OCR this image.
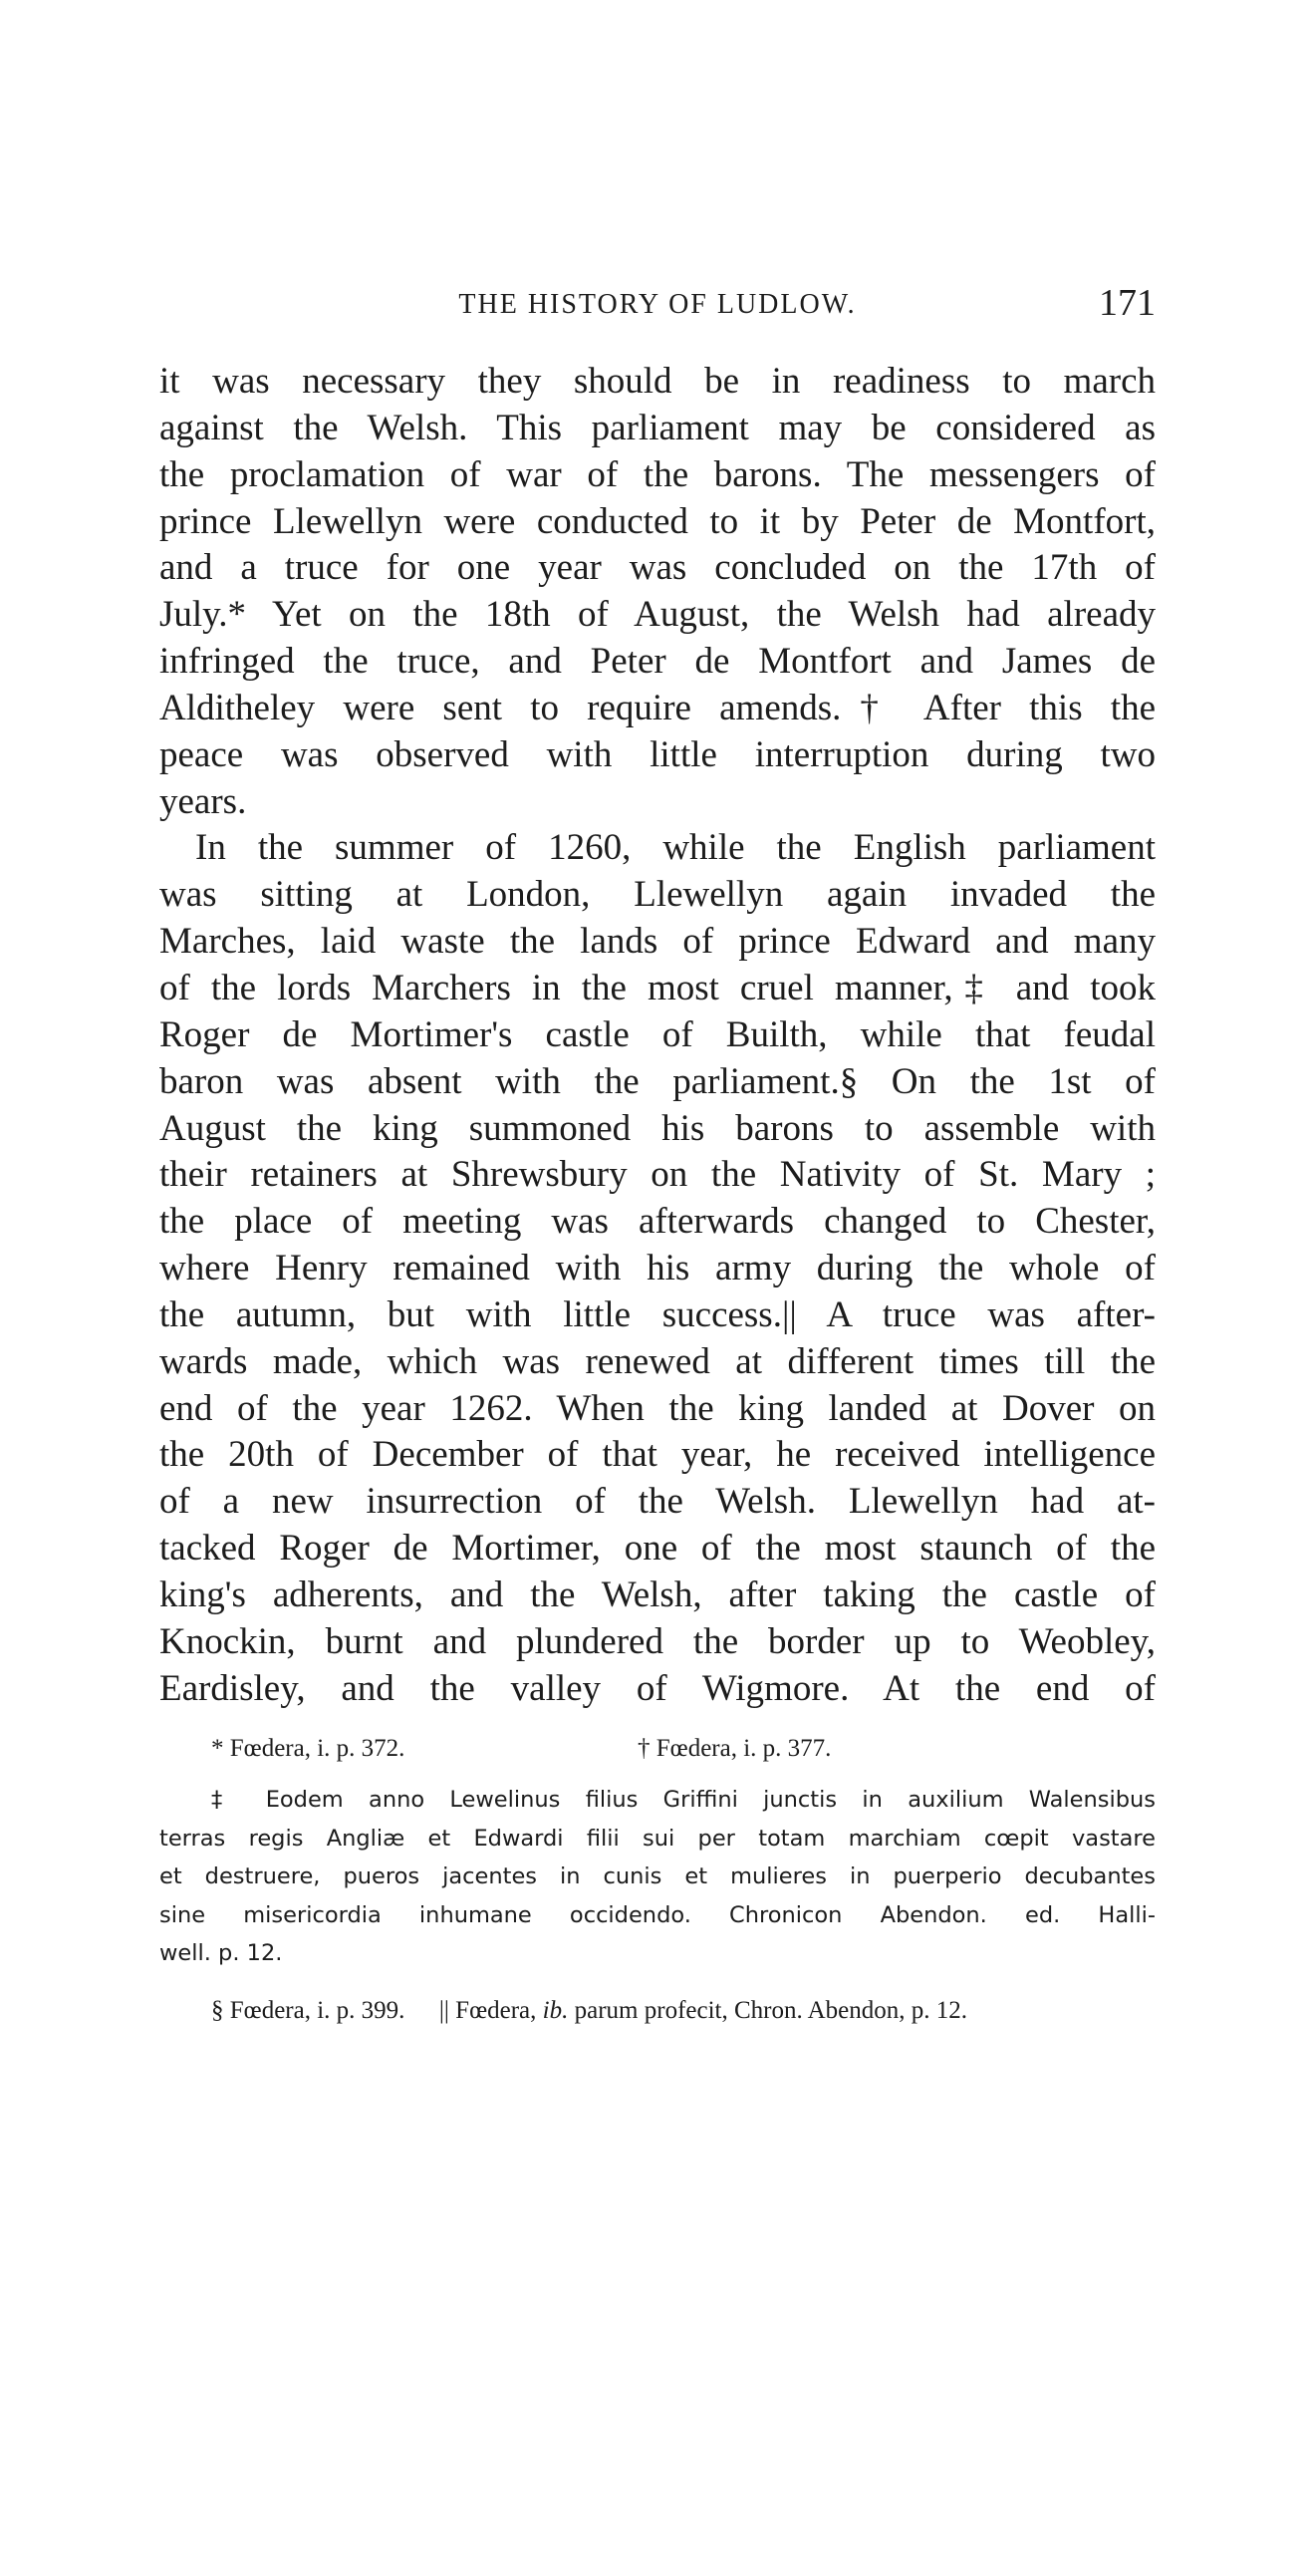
THE HISTORY OF LUDLOW.	171
it was necessary they should be in readiness to march
against the Welsh. This parliament may be considered as
the proclamation of war of the barons. The messengers of
prince Llewellyn were conducted to it by Peter de Montfort,
and a truce for one year was concluded on the 17th of
July.* Yet on the 18th of August, the Welsh had already
infringed the truce, and Peter de Montfort and James de
Alditheley were sent to require amends.† After this the
peace was observed with little interruption during two
years.
In the summer of 1260, while the English parliament
was sitting at London, Llewellyn again invaded the
Marches, laid waste the lands of prince Edward and many
of the lords Marchers in the most cruel manner,‡ and took
Roger de Mortimer's castle of Builth, while that feudal
baron was absent with the parliament.§ On the 1st of
August the king summoned his barons to assemble with
their retainers at Shrewsbury on the Nativity of St. Mary ;
the place of meeting was afterwards changed to Chester,
where Henry remained with his army during the whole of
the autumn, but with little success.|| A truce was after-
wards made, which was renewed at different times till the
end of the year 1262. When the king landed at Dover on
the 20th of December of that year, he received intelligence
of a new insurrection of the Welsh. Llewellyn had at-
tacked Roger de Mortimer, one of the most staunch of the
king's adherents, and the Welsh, after taking the castle of
Knockin, burnt and plundered the border up to Weobley,
Eardisley, and the valley of Wigmore. At the end of
* Fœdera, i. p. 372.	† Fœdera, i. p. 377.
‡ Eodem anno Lewelinus filius Griffini junctis in auxilium Walensibus
terras regis Angliæ et Edwardi filii sui per totam marchiam cœpit vastare
et destruere, pueros jacentes in cunis et mulieres in puerperio decubantes
sine misericordia inhumane occidendo. Chronicon Abendon. ed. Halli-
well. p. 12.
§ Fœdera, i. p. 399. || Fœdera, ib. parum profecit, Chron. Abendon, p. 12.
